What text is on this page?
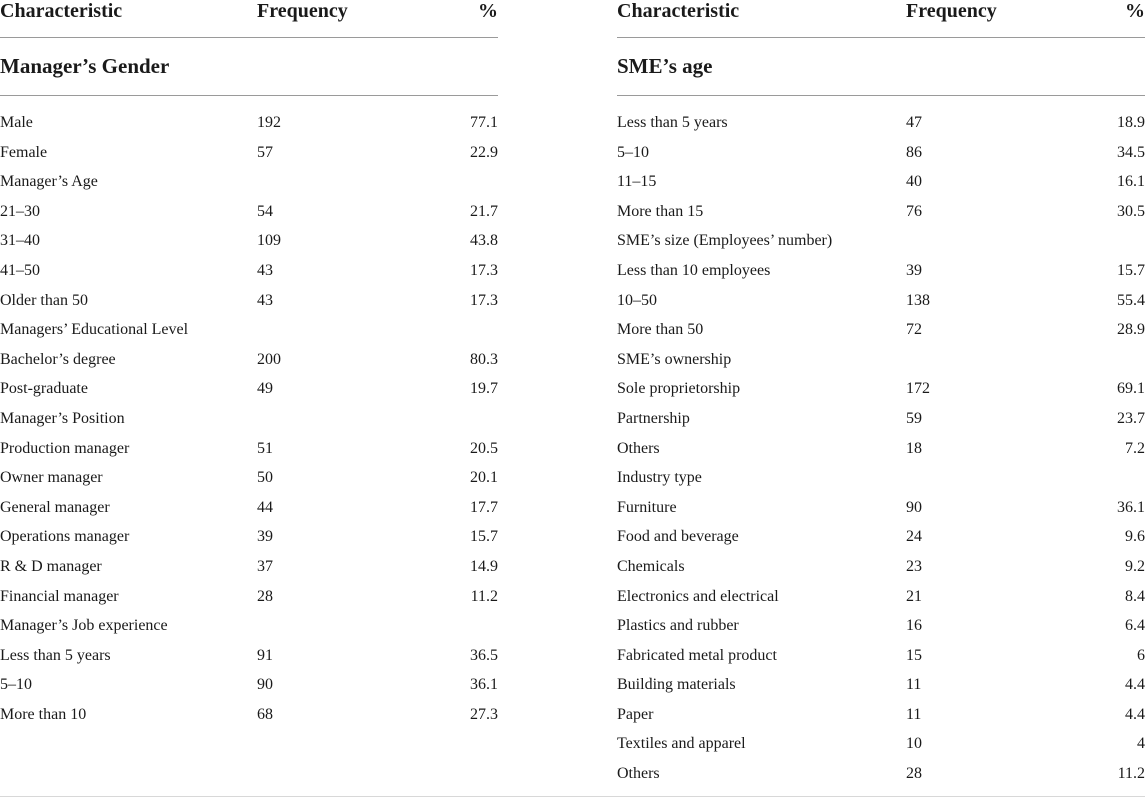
Characteristic	Frequency	%
Manager’s Gender
Male	192	77.1
Female	57	22.9
Manager’s Age
21–30	54	21.7
31–40	109	43.8
41–50	43	17.3
Older than 50	43	17.3
Managers’ Educational Level
Bachelor’s degree	200	80.3
Post-graduate	49	19.7
Manager’s Position
Production manager	51	20.5
Owner manager	50	20.1
General manager	44	17.7
Operations manager	39	15.7
R & D manager	37	14.9
Financial manager	28	11.2
Manager’s Job experience
Less than 5 years	91	36.5
5–10	90	36.1
More than 10	68	27.3
Characteristic	Frequency	%
SME’s age
Less than 5 years	47	18.9
5–10	86	34.5
11–15	40	16.1
More than 15	76	30.5
SME’s size (Employees’ number)
Less than 10 employees	39	15.7
10–50	138	55.4
More than 50	72	28.9
SME’s ownership
Sole proprietorship	172	69.1
Partnership	59	23.7
Others	18	7.2
Industry type
Furniture	90	36.1
Food and beverage	24	9.6
Chemicals	23	9.2
Electronics and electrical	21	8.4
Plastics and rubber	16	6.4
Fabricated metal product	15	6
Building materials	11	4.4
Paper	11	4.4
Textiles and apparel	10	4
Others	28	11.2
